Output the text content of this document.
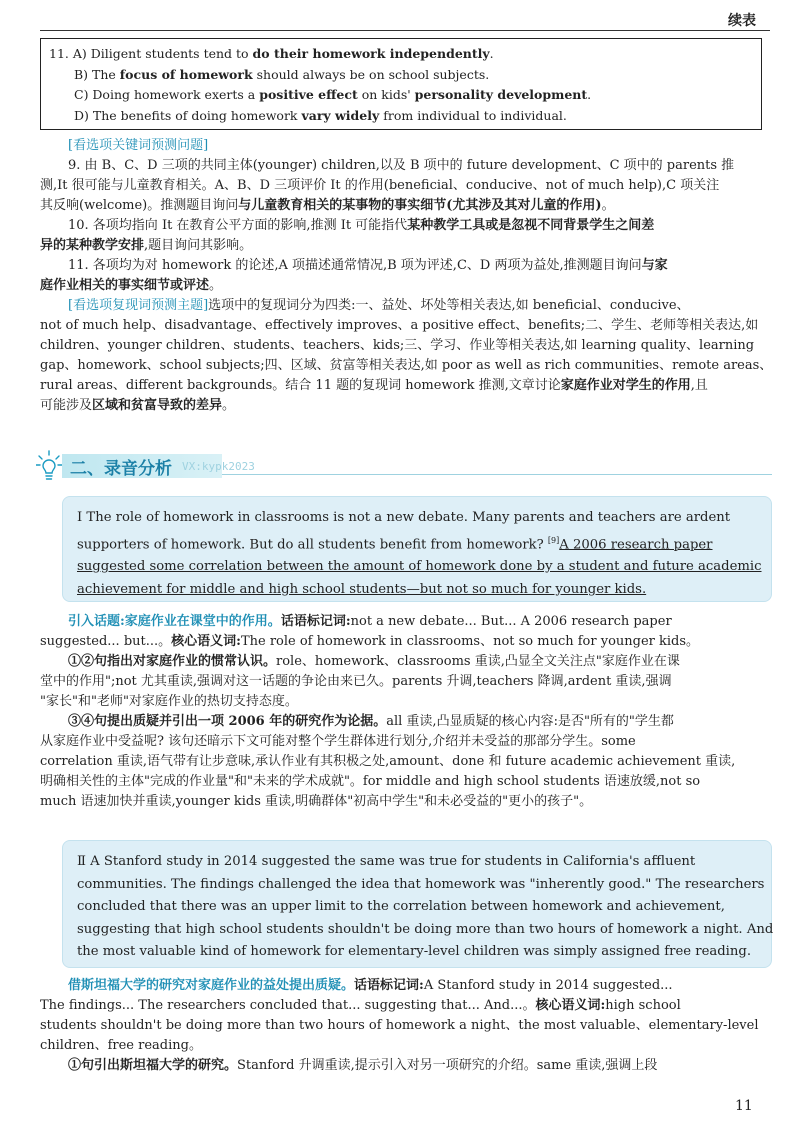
续表
11. A) Diligent students tend to do their homework independently.
B) The focus of homework should always be on school subjects.
C) Doing homework exerts a positive effect on kids' personality development.
D) The benefits of doing homework vary widely from individual to individual.
[看选项关键词预测问题]
9. 由 B、C、D 三项的共同主体(younger) children,以及 B 项中的 future development、C 项中的 parents 推
测,It 很可能与儿童教育相关。A、B、D 三项评价 It 的作用(beneficial、conducive、not of much help),C 项关注
其反响(welcome)。推测题目询问与儿童教育相关的某事物的事实细节(尤其涉及其对儿童的作用)。
10. 各项均指向 It 在教育公平方面的影响,推测 It 可能指代某种教学工具或是忽视不同背景学生之间差
异的某种教学安排,题目询问其影响。
11. 各项均为对 homework 的论述,A 项描述通常情况,B 项为评述,C、D 两项为益处,推测题目询问与家
庭作业相关的事实细节或评述。
[看选项复现词预测主题]选项中的复现词分为四类:一、益处、坏处等相关表达,如 beneficial、conducive、
not of much help、disadvantage、effectively improves、a positive effect、benefits;二、学生、老师等相关表达,如
children、younger children、students、teachers、kids;三、学习、作业等相关表达,如 learning quality、learning
gap、homework、school subjects;四、区域、贫富等相关表达,如 poor as well as rich communities、remote areas、
rural areas、different backgrounds。结合 11 题的复现词 homework 推测,文章讨论家庭作业对学生的作用,且
可能涉及区域和贫富导致的差异。
二、录音分析 VX:kypk2023
Ⅰ The role of homework in classrooms is not a new debate. Many parents and teachers are ardent
supporters of homework. But do all students benefit from homework? [9]A 2006 research paper
suggested some correlation between the amount of homework done by a student and future academic
achievement for middle and high school students—but not so much for younger kids.
引入话题:家庭作业在课堂中的作用。话语标记词:not a new debate... But... A 2006 research paper
suggested... but...。核心语义词:The role of homework in classrooms、not so much for younger kids。
①②句指出对家庭作业的惯常认识。role、homework、classrooms 重读,凸显全文关注点"家庭作业在课
堂中的作用";not 尤其重读,强调对这一话题的争论由来已久。parents 升调,teachers 降调,ardent 重读,强调
"家长"和"老师"对家庭作业的热切支持态度。
③④句提出质疑并引出一项 2006 年的研究作为论据。all 重读,凸显质疑的核心内容:是否"所有的"学生都
从家庭作业中受益呢? 该句还暗示下文可能对整个学生群体进行划分,介绍并未受益的那部分学生。some
correlation 重读,语气带有让步意味,承认作业有其积极之处,amount、done 和 future academic achievement 重读,
明确相关性的主体"完成的作业量"和"未来的学术成就"。for middle and high school students 语速放缓,not so
much 语速加快并重读,younger kids 重读,明确群体"初高中学生"和未必受益的"更小的孩子"。
Ⅱ A Stanford study in 2014 suggested the same was true for students in California's affluent
communities. The findings challenged the idea that homework was "inherently good." The researchers
concluded that there was an upper limit to the correlation between homework and achievement,
suggesting that high school students shouldn't be doing more than two hours of homework a night. And
the most valuable kind of homework for elementary-level children was simply assigned free reading.
借斯坦福大学的研究对家庭作业的益处提出质疑。话语标记词:A Stanford study in 2014 suggested...
The findings... The researchers concluded that... suggesting that... And...。核心语义词:high school
students shouldn't be doing more than two hours of homework a night、the most valuable、elementary-level
children、free reading。
①句引出斯坦福大学的研究。Stanford 升调重读,提示引入对另一项研究的介绍。same 重读,强调上段
11
